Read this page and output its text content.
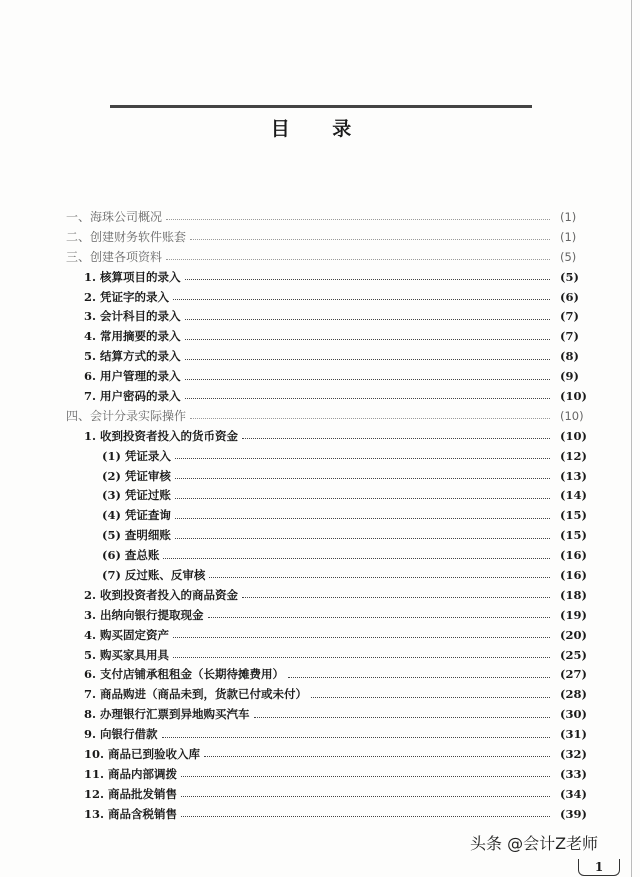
目 录
一、海珠公司概况	(1)
二、创建财务软件账套	(1)
三、创建各项资料	(5)
1. 核算项目的录入	(5)
2. 凭证字的录入	(6)
3. 会计科目的录入	(7)
4. 常用摘要的录入	(7)
5. 结算方式的录入	(8)
6. 用户管理的录入	(9)
7. 用户密码的录入	(10)
四、会计分录实际操作	(10)
1. 收到投资者投入的货币资金	(10)
(1) 凭证录入	(12)
(2) 凭证审核	(13)
(3) 凭证过账	(14)
(4) 凭证查询	(15)
(5) 查明细账	(15)
(6) 查总账	(16)
(7) 反过账、反审核	(16)
2. 收到投资者投入的商品资金	(18)
3. 出纳向银行提取现金	(19)
4. 购买固定资产	(20)
5. 购买家具用具	(25)
6. 支付店铺承租租金（长期待摊费用）	(27)
7. 商品购进（商品未到，货款已付或未付）	(28)
8. 办理银行汇票到异地购买汽车	(30)
9. 向银行借款	(31)
10. 商品已到验收入库	(32)
11. 商品内部调拨	(33)
12. 商品批发销售	(34)
13. 商品含税销售	(39)
头条 @会计Z老师
1
